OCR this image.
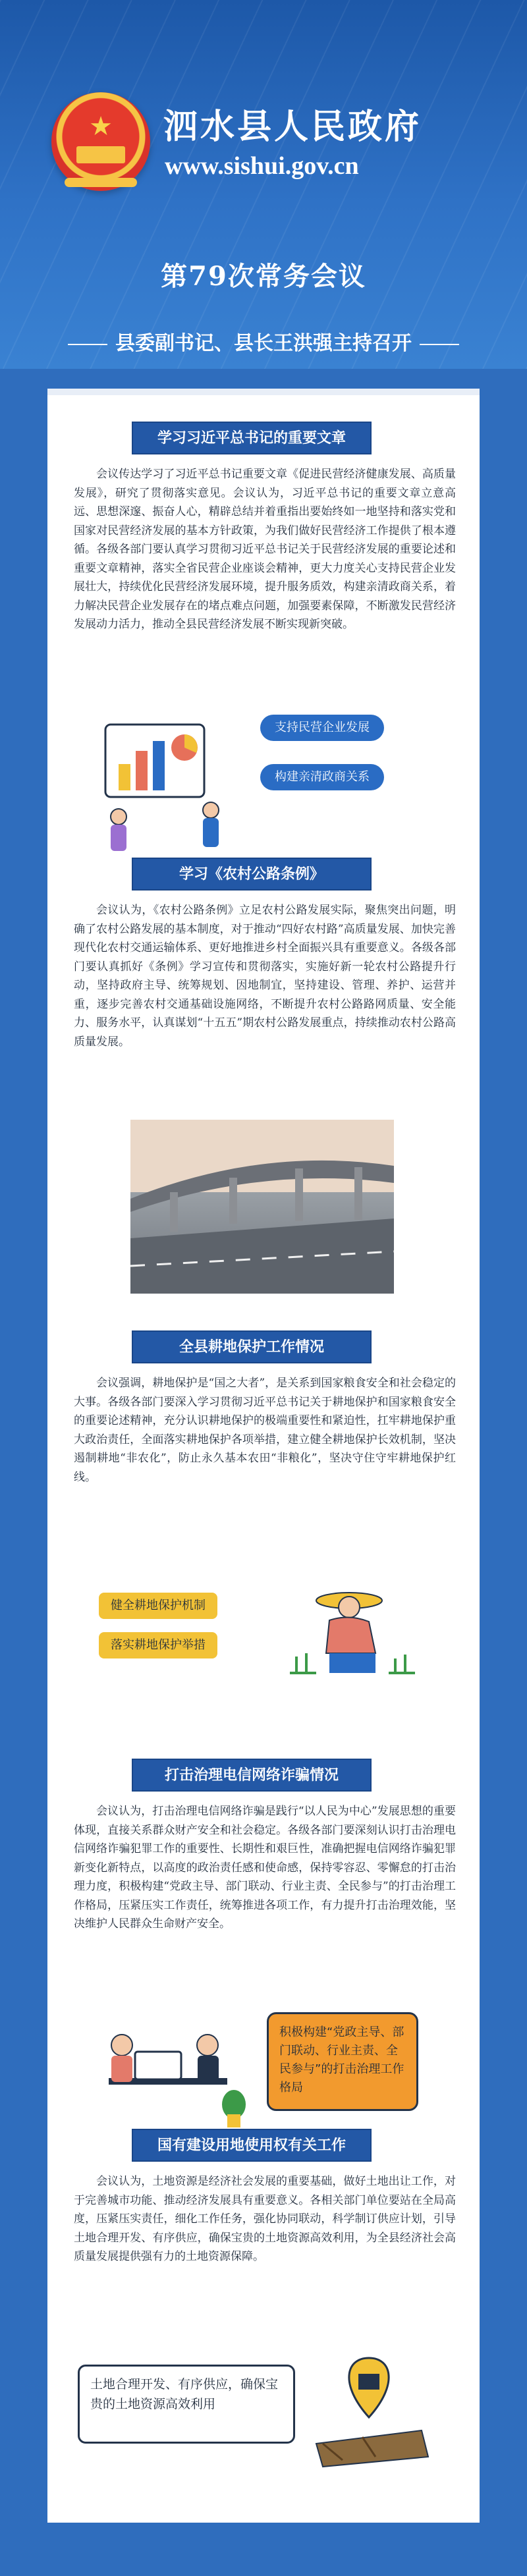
★	泗水县人民政府
www.sishui.gov.cn
第79次常务会议
县委副书记、县长王洪强主持召开
学习习近平总书记的重要文章
会议传达学习了习近平总书记重要文章《促进民营经济健康发展、高质量发展》，研究了贯彻落实意见。会议认为，习近平总书记的重要文章立意高远、思想深邃、振奋人心，精辟总结并着重指出要始终如一地坚持和落实党和国家对民营经济发展的基本方针政策，为我们做好民营经济工作提供了根本遵循。各级各部门要认真学习贯彻习近平总书记关于民营经济发展的重要论述和重要文章精神，落实全省民营企业座谈会精神，更大力度关心支持民营企业发展壮大，持续优化民营经济发展环境，提升服务质效，构建亲清政商关系，着力解决民营企业发展存在的堵点难点问题，加强要素保障，不断激发民营经济发展动力活力，推动全县民营经济发展不断实现新突破。
支持民营企业发展
构建亲清政商关系
学习《农村公路条例》
会议认为，《农村公路条例》立足农村公路发展实际，聚焦突出问题，明确了农村公路发展的基本制度，对于推动“四好农村路”高质量发展、加快完善现代化农村交通运输体系、更好地推进乡村全面振兴具有重要意义。各级各部门要认真抓好《条例》学习宣传和贯彻落实，实施好新一轮农村公路提升行动，坚持政府主导、统筹规划、因地制宜，坚持建设、管理、养护、运营并重，逐步完善农村交通基础设施网络，不断提升农村公路路网质量、安全能力、服务水平，认真谋划“十五五”期农村公路发展重点，持续推动农村公路高质量发展。
全县耕地保护工作情况
会议强调，耕地保护是“国之大者”，是关系到国家粮食安全和社会稳定的大事。各级各部门要深入学习贯彻习近平总书记关于耕地保护和国家粮食安全的重要论述精神，充分认识耕地保护的极端重要性和紧迫性，扛牢耕地保护重大政治责任，全面落实耕地保护各项举措，建立健全耕地保护长效机制，坚决遏制耕地“非农化”，防止永久基本农田“非粮化”，坚决守住守牢耕地保护红线。
健全耕地保护机制
落实耕地保护举措
打击治理电信网络诈骗情况
会议认为，打击治理电信网络诈骗是践行“以人民为中心”发展思想的重要体现，直接关系群众财产安全和社会稳定。各级各部门要深刻认识打击治理电信网络诈骗犯罪工作的重要性、长期性和艰巨性，准确把握电信网络诈骗犯罪新变化新特点，以高度的政治责任感和使命感，保持零容忍、零懈怠的打击治理力度，积极构建“党政主导、部门联动、行业主责、全民参与”的打击治理工作格局，压紧压实工作责任，统筹推进各项工作，有力提升打击治理效能，坚决维护人民群众生命财产安全。
积极构建“党政主导、部门联动、行业主责、全民参与”的打击治理工作格局
国有建设用地使用权有关工作
会议认为，土地资源是经济社会发展的重要基础，做好土地出让工作，对于完善城市功能、推动经济发展具有重要意义。各相关部门单位要站在全局高度，压紧压实责任，细化工作任务，强化协同联动，科学制订供应计划，引导土地合理开发、有序供应，确保宝贵的土地资源高效利用，为全县经济社会高质量发展提供强有力的土地资源保障。
土地合理开发、有序供应，确保宝贵的土地资源高效利用
